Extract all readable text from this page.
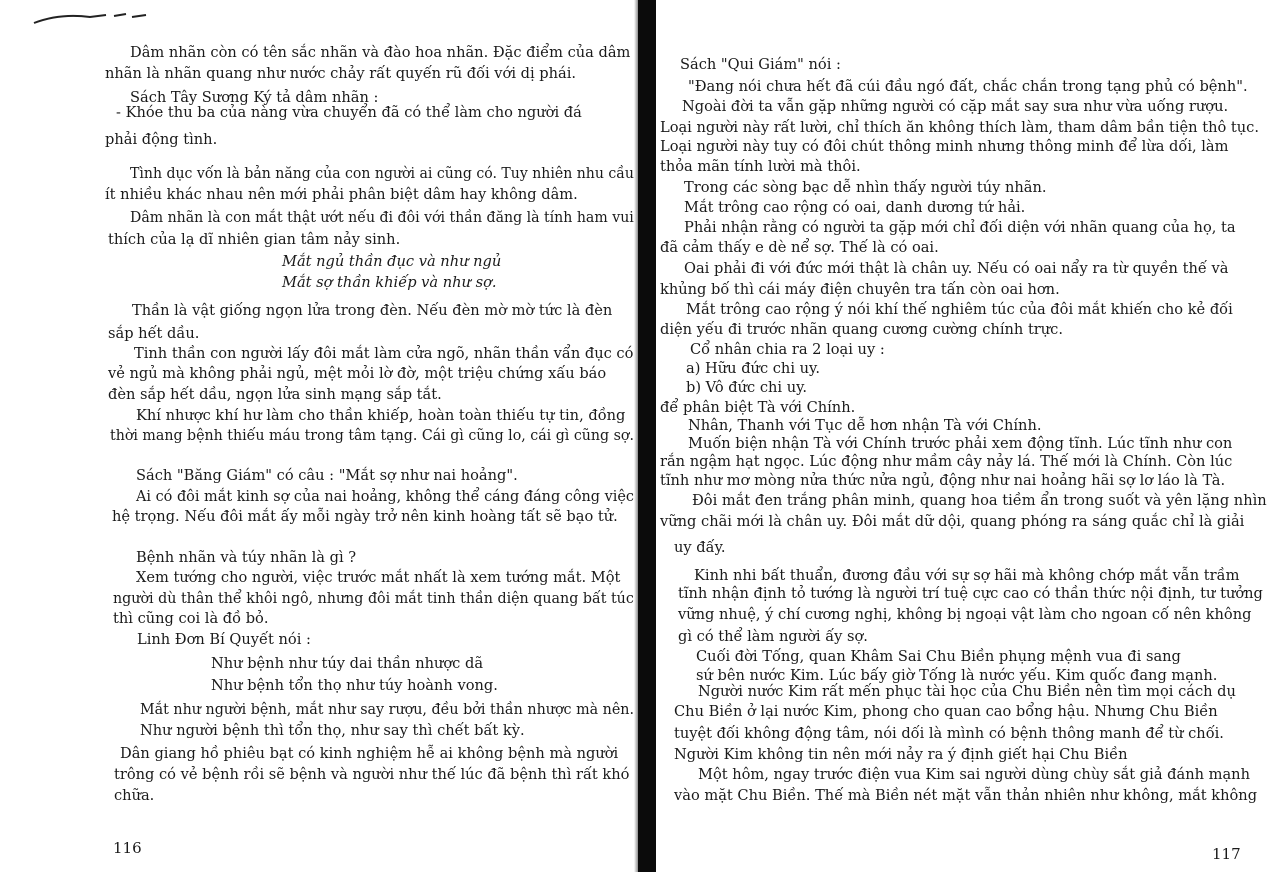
Dâm nhãn còn có tên sắc nhãn và đào hoa nhãn. Đặc điểm của dâm
nhãn là nhãn quang như nước chảy rất quyến rũ đối với dị phái.
Sách Tây Sương Ký tả dâm nhãn :
- Khóe thu ba của nàng vừa chuyển đã có thể làm cho người đá
phải động tình.
Tình dục vốn là bản năng của con người ai cũng có. Tuy nhiên nhu cầu
ít nhiều khác nhau nên mới phải phân biệt dâm hay không dâm.
Dâm nhãn là con mắt thật ướt nếu đi đôi với thần đăng là tính ham vui
thích của lạ dĩ nhiên gian tâm nảy sinh.
Mắt ngủ thần đục và như ngủ
Mắt sợ thần khiếp và như sợ.
Thần là vật giống ngọn lửa trong đèn. Nếu đèn mờ mờ tức là đèn
sắp hết dầu.
Tinh thần con người lấy đôi mắt làm cửa ngõ, nhãn thần vẩn đục có
vẻ ngủ mà không phải ngủ, mệt mỏi lờ đờ, một triệu chứng xấu báo
đèn sắp hết dầu, ngọn lửa sinh mạng sắp tắt.
Khí nhược khí hư làm cho thần khiếp, hoàn toàn thiếu tự tin, đồng
thời mang bệnh thiếu máu trong tâm tạng. Cái gì cũng lo, cái gì cũng sợ.
Sách "Băng Giám" có câu : "Mắt sợ như nai hoảng".
Ai có đôi mắt kinh sợ của nai hoảng, không thể cáng đáng công việc
hệ trọng. Nếu đôi mắt ấy mỗi ngày trở nên kinh hoàng tất sẽ bạo tử.
Bệnh nhãn và túy nhãn là gì ?
Xem tướng cho người, việc trước mắt nhất là xem tướng mắt. Một
người dù thân thể khôi ngô, nhưng đôi mắt tinh thần diện quang bất túc
thì cũng coi là đồ bỏ.
Linh Đơn Bí Quyết nói :
Như bệnh như túy dai thần nhược dã
Như bệnh tổn thọ như túy hoành vong.
Mắt như người bệnh, mắt như say rượu, đều bởi thần nhược mà nên.
Như người bệnh thì tổn thọ, như say thì chết bất kỳ.
Dân giang hồ phiêu bạt có kinh nghiệm hễ ai không bệnh mà người
trông có vẻ bệnh rồi sẽ bệnh và người như thế lúc đã bệnh thì rất khó
chữa.
116
Sách "Qui Giám" nói :
"Đang nói chưa hết đã cúi đầu ngó đất, chắc chắn trong tạng phủ có bệnh".
Ngoài đời ta vẫn gặp những người có cặp mắt say sưa như vừa uống rượu.
Loại người này rất lười, chỉ thích ăn không thích làm, tham dâm bần tiện thô tục.
Loại người này tuy có đôi chút thông minh nhưng thông minh để lừa dối, làm
thỏa mãn tính lười mà thôi.
Trong các sòng bạc dễ nhìn thấy người túy nhãn.
Mắt trông cao rộng có oai, danh dương tứ hải.
Phải nhận rằng có người ta gặp mới chỉ đối diện với nhãn quang của họ, ta
đã cảm thấy e dè nể sợ. Thế là có oai.
Oai phải đi với đức mới thật là chân uy. Nếu có oai nẩy ra từ quyền thế và
khủng bố thì cái máy điện chuyên tra tấn còn oai hơn.
Mắt trông cao rộng ý nói khí thế nghiêm túc của đôi mắt khiến cho kẻ đối
diện yếu đi trước nhãn quang cương cường chính trực.
Cổ nhân chia ra 2 loại uy :
a) Hữu đức chi uy.
b) Vô đức chi uy.
để phân biệt Tà với Chính.
Nhân, Thanh với Tục dễ hơn nhận Tà với Chính.
Muốn biện nhận Tà với Chính trước phải xem động tĩnh. Lúc tĩnh như con
rắn ngậm hạt ngọc. Lúc động như mầm cây nảy lá. Thế mới là Chính. Còn lúc
tĩnh như mơ mòng nửa thức nửa ngủ, động như nai hoảng hãi sợ lơ láo là Tà.
Đôi mắt đen trắng phân minh, quang hoa tiềm ẩn trong suốt và yên lặng nhìn
vững chãi mới là chân uy. Đôi mắt dữ dội, quang phóng ra sáng quắc chỉ là giải
uy đấy.
Kinh nhi bất thuẩn, đương đầu với sự sợ hãi mà không chớp mắt vẫn trầm
tĩnh nhận định tỏ tướng là người trí tuệ cực cao có thần thức nội định, tư tưởng
vững nhuệ, ý chí cương nghị, không bị ngoại vật làm cho ngoan cố nên không
gì có thể làm người ấy sợ.
Cuối đời Tống, quan Khâm Sai Chu Biền phụng mệnh vua đi sang
sứ bên nước Kim. Lúc bấy giờ Tống là nước yếu. Kim quốc đang mạnh.
Người nước Kim rất mến phục tài học của Chu Biền nên tìm mọi cách dụ
Chu Biền ở lại nước Kim, phong cho quan cao bổng hậu. Nhưng Chu Biền
tuyệt đối không động tâm, nói dối là mình có bệnh thông manh để từ chối.
Người Kim không tin nên mới nảy ra ý định giết hại Chu Biền
Một hôm, ngay trước điện vua Kim sai người dùng chùy sắt giả đánh mạnh
vào mặt Chu Biền. Thế mà Biền nét mặt vẫn thản nhiên như không, mắt không
117
